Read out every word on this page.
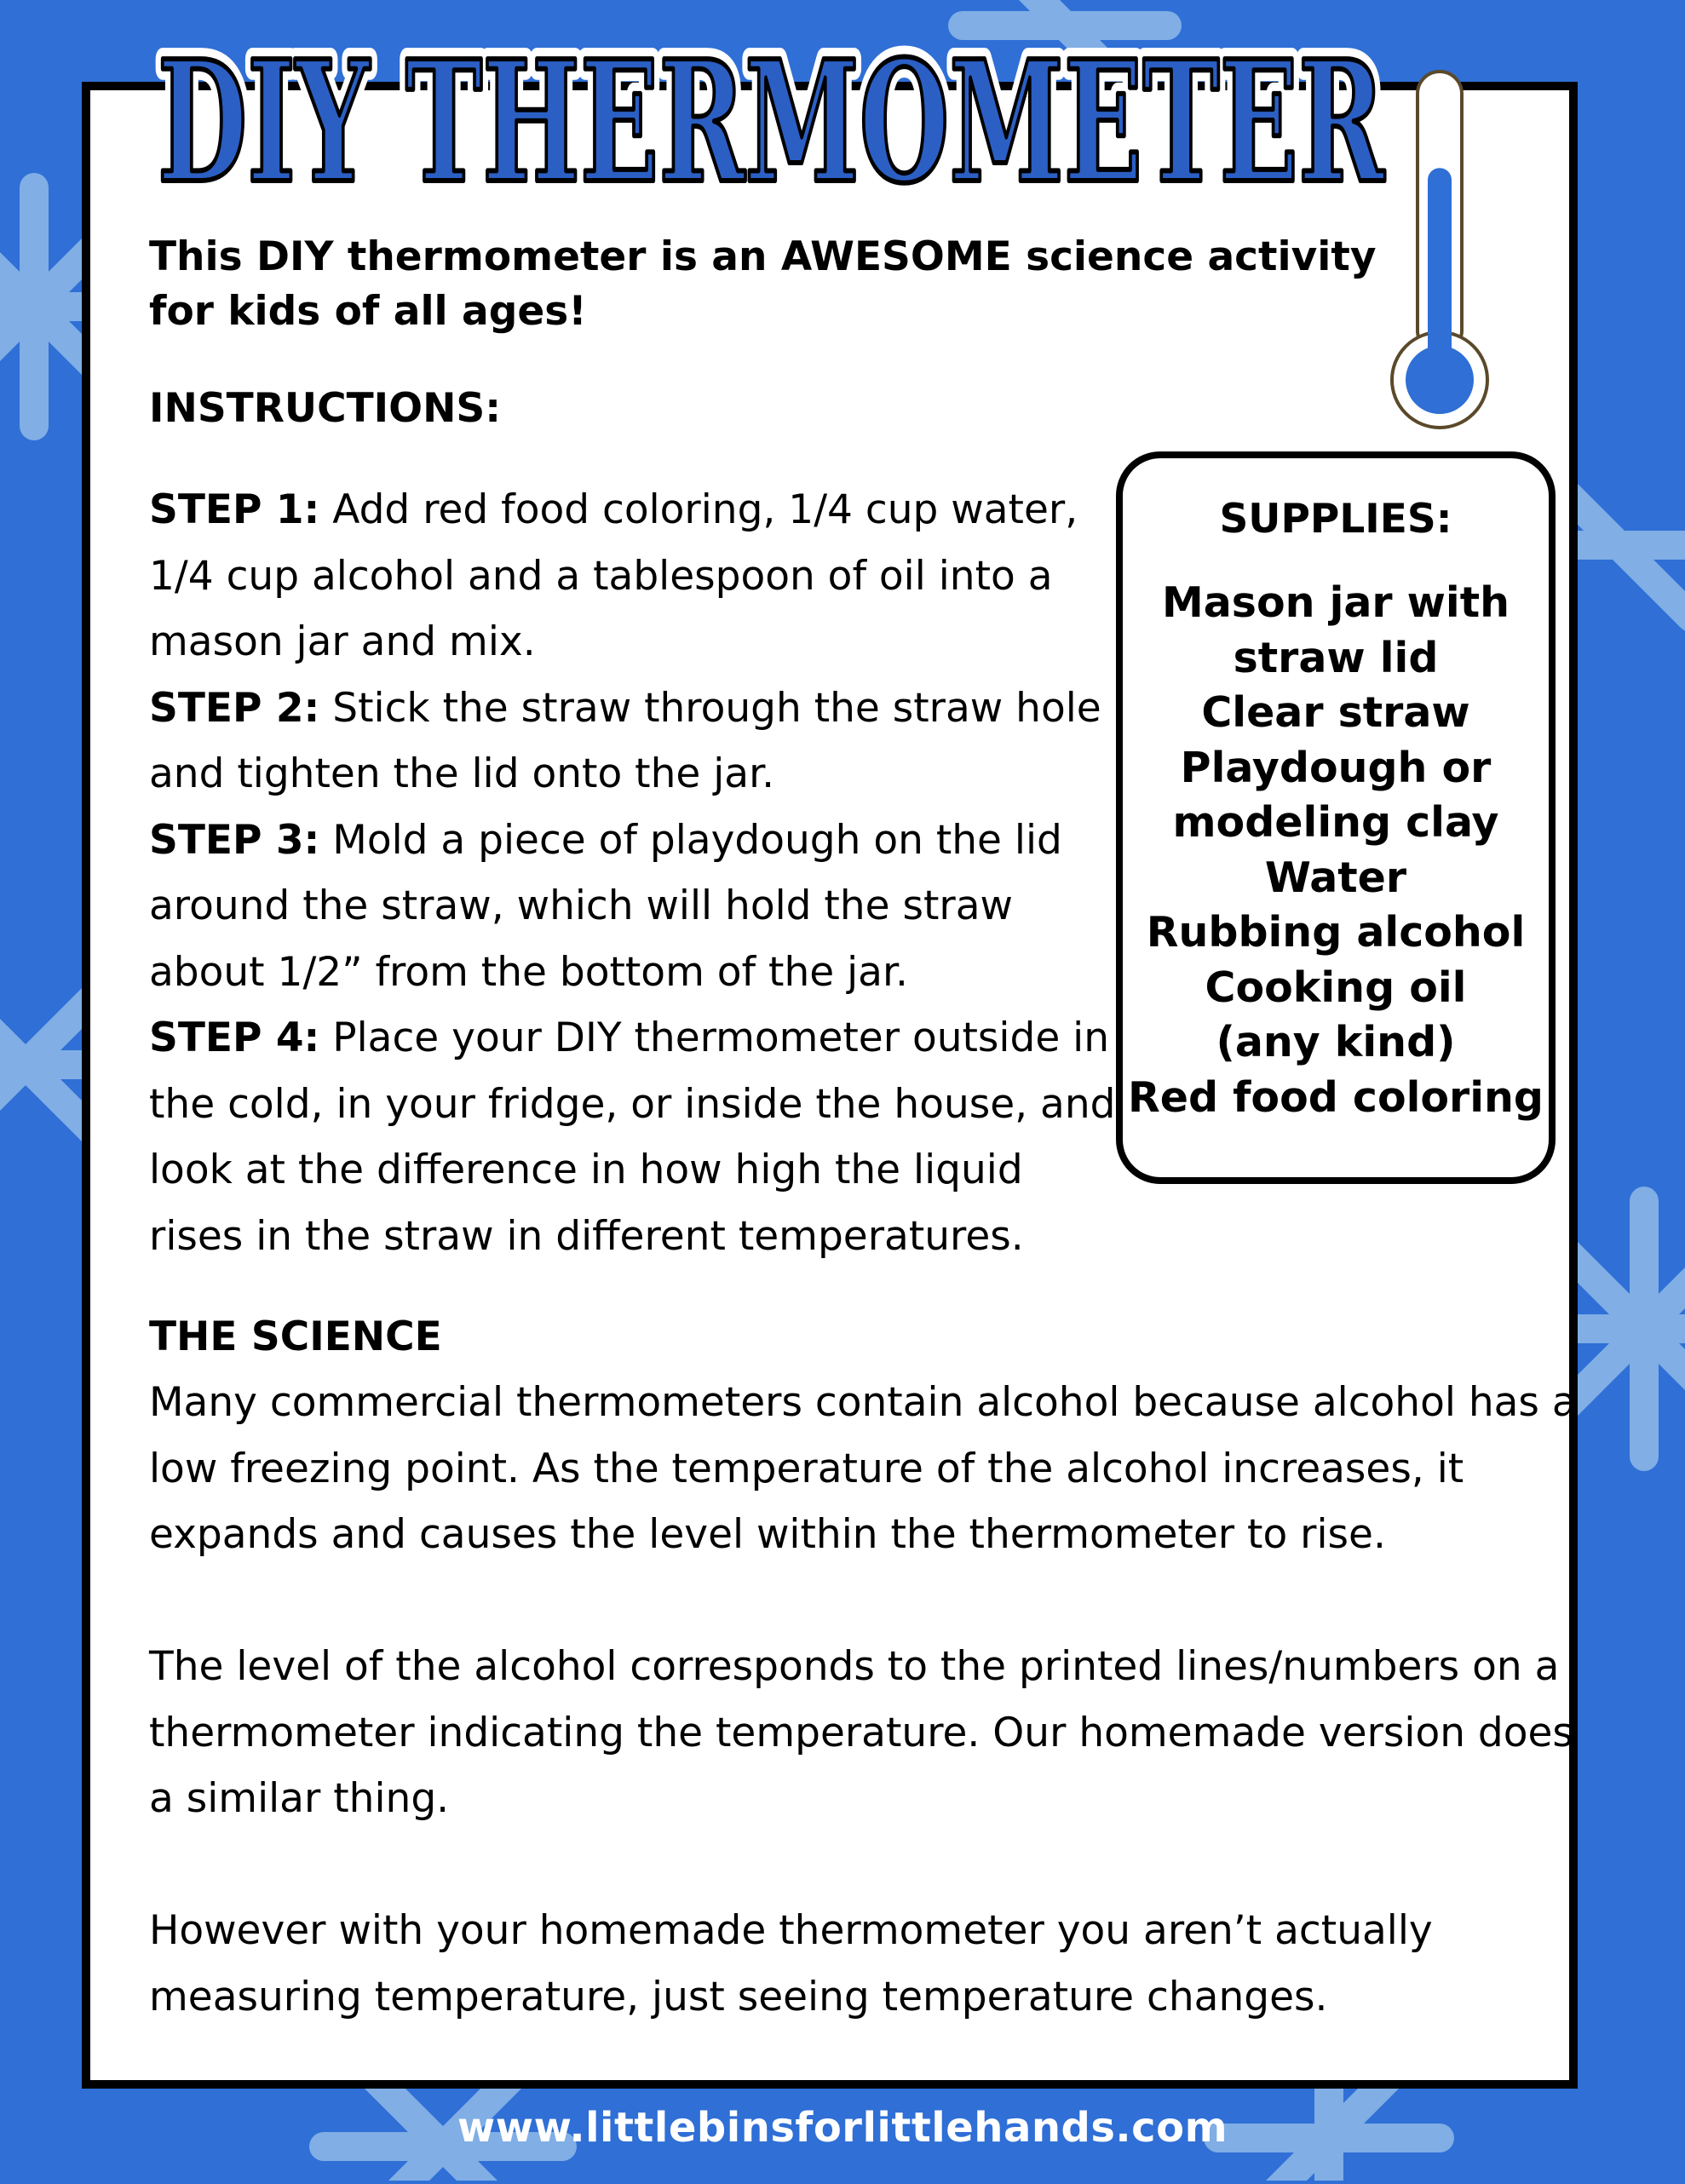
DIY THERMOMETER
DIY THERMOMETER
This DIY thermometer is an AWESOME science activity for kids of all ages!
INSTRUCTIONS:

STEP 1: Add red food coloring, 1/4 cup water, 1/4 cup alcohol and a tablespoon of oil into a mason jar and mix.

STEP 2: Stick the straw through the straw hole and tighten the lid onto the jar.

STEP 3: Mold a piece of playdough on the lid around the straw, which will hold the straw about 1/2” from the bottom of the jar.

STEP 4: Place your DIY thermometer outside in the cold, in your fridge, or inside the house, and look at the difference in how high the liquid rises in the straw in different temperatures.

SUPPLIES:
Mason jar with
straw lid
Clear straw
Playdough or
modeling clay
Water
Rubbing alcohol
Cooking oil
(any kind)
Red food coloring
THE SCIENCE

Many commercial thermometers contain alcohol because alcohol has a low freezing point. As the temperature of the alcohol increases, it expands and causes the level within the thermometer to rise.

The level of the alcohol corresponds to the printed lines/numbers on a thermometer indicating the temperature. Our homemade version does a similar thing.

However with your homemade thermometer you aren’t actually measuring temperature, just seeing temperature changes.

www.littlebinsforlittlehands.com
